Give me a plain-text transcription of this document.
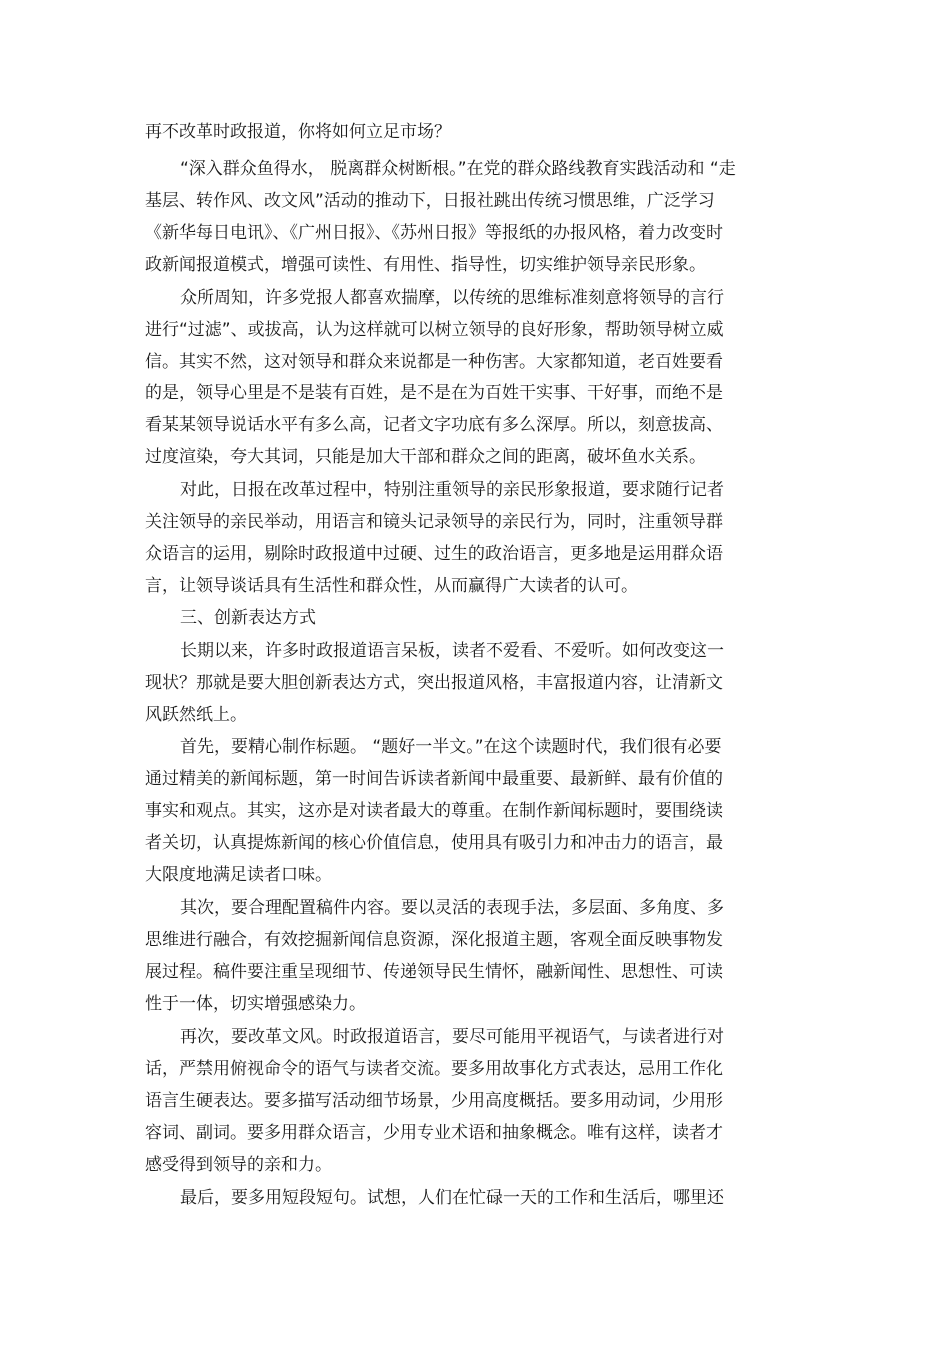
再不改革时政报道，你将如何立足市场？
“深入群众鱼得水， 脱离群众树断根。”在党的群众路线教育实践活动和 “走
基层、转作风、改文风”活动的推动下，日报社跳出传统习惯思维，广泛学习
《新华每日电讯》、《广州日报》、《苏州日报》等报纸的办报风格，着力改变时
政新闻报道模式，增强可读性、有用性、指导性，切实维护领导亲民形象。
众所周知，许多党报人都喜欢揣摩，以传统的思维标准刻意将领导的言行
进行“过滤”、或拔高，认为这样就可以树立领导的良好形象，帮助领导树立威
信。其实不然，这对领导和群众来说都是一种伤害。大家都知道，老百姓要看
的是，领导心里是不是装有百姓，是不是在为百姓干实事、干好事，而绝不是
看某某领导说话水平有多么高，记者文字功底有多么深厚。所以，刻意拔高、
过度渲染，夸大其词，只能是加大干部和群众之间的距离，破坏鱼水关系。
对此，日报在改革过程中，特别注重领导的亲民形象报道，要求随行记者
关注领导的亲民举动，用语言和镜头记录领导的亲民行为，同时，注重领导群
众语言的运用，剔除时政报道中过硬、过生的政治语言，更多地是运用群众语
言，让领导谈话具有生活性和群众性，从而赢得广大读者的认可。
三、创新表达方式
长期以来，许多时政报道语言呆板，读者不爱看、不爱听。如何改变这一
现状？那就是要大胆创新表达方式，突出报道风格，丰富报道内容，让清新文
风跃然纸上。
首先，要精心制作标题。 “题好一半文。”在这个读题时代，我们很有必要
通过精美的新闻标题，第一时间告诉读者新闻中最重要、最新鲜、最有价值的
事实和观点。其实，这亦是对读者最大的尊重。在制作新闻标题时，要围绕读
者关切，认真提炼新闻的核心价值信息，使用具有吸引力和冲击力的语言，最
大限度地满足读者口味。
其次，要合理配置稿件内容。要以灵活的表现手法，多层面、多角度、多
思维进行融合，有效挖掘新闻信息资源，深化报道主题，客观全面反映事物发
展过程。稿件要注重呈现细节、传递领导民生情怀，融新闻性、思想性、可读
性于一体，切实增强感染力。
再次，要改革文风。时政报道语言，要尽可能用平视语气，与读者进行对
话，严禁用俯视命令的语气与读者交流。要多用故事化方式表达，忌用工作化
语言生硬表达。要多描写活动细节场景，少用高度概括。要多用动词，少用形
容词、副词。要多用群众语言，少用专业术语和抽象概念。唯有这样，读者才
感受得到领导的亲和力。
最后，要多用短段短句。试想，人们在忙碌一天的工作和生活后，哪里还
